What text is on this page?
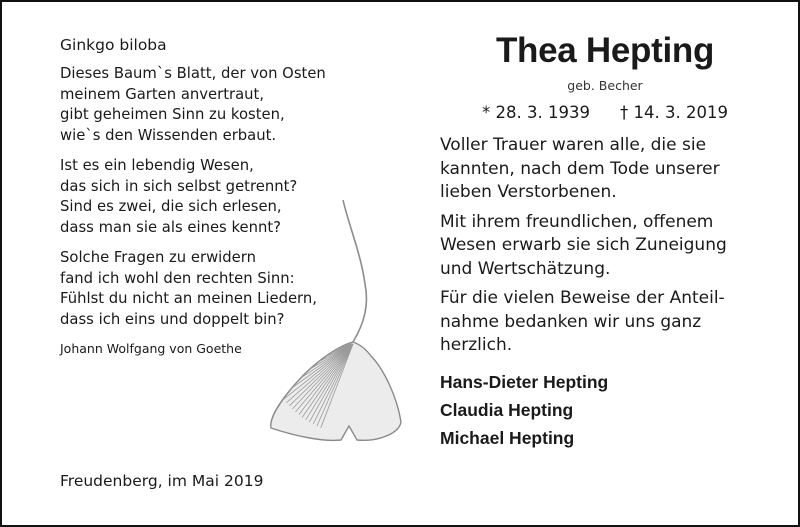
Ginkgo biloba
Dieses Baum`s Blatt, der von Osten
meinem Garten anvertraut,
gibt geheimen Sinn zu kosten,
wie`s den Wissenden erbaut.
Ist es ein lebendig Wesen,
das sich in sich selbst getrennt?
Sind es zwei, die sich erlesen,
dass man sie als eines kennt?
Solche Fragen zu erwidern
fand ich wohl den rechten Sinn:
Fühlst du nicht an meinen Liedern,
dass ich eins und doppelt bin?
Johann Wolfgang von Goethe
Freudenberg, im Mai 2019
Thea Hepting
geb. Becher
* 28. 3. 1939 † 14. 3. 2019
Voller Trauer waren alle, die sie
kannten, nach dem Tode unserer
lieben Verstorbenen.
Mit ihrem freundlichen, offenem
Wesen erwarb sie sich Zuneigung
und Wertschätzung.
Für die vielen Beweise der Anteil-
nahme bedanken wir uns ganz
herzlich.
Hans-Dieter Hepting
Claudia Hepting
Michael Hepting
